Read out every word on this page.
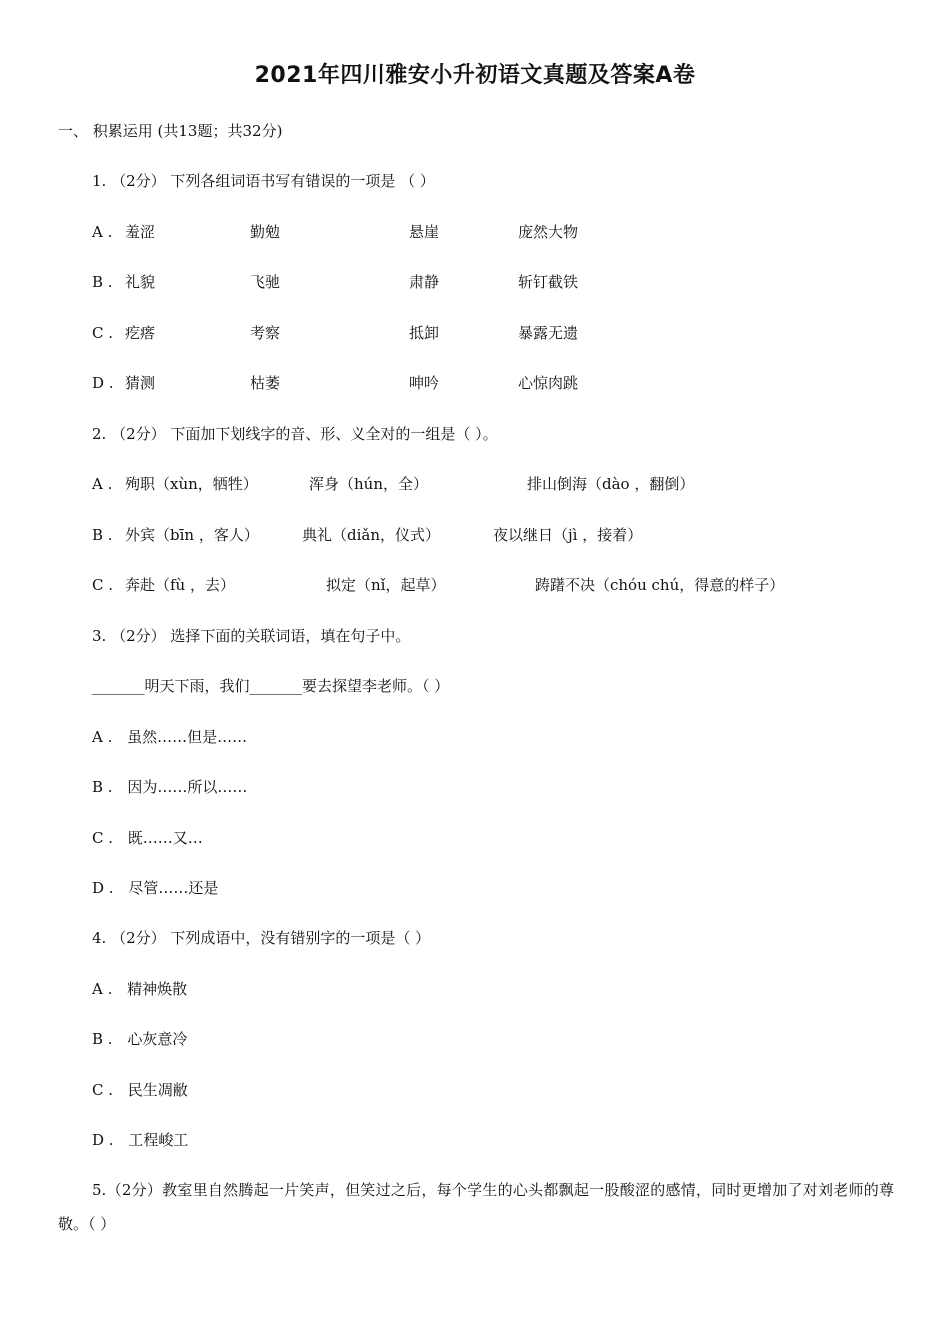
2021年四川雅安小升初语文真题及答案A卷
一、 积累运用 (共13题；共32分)
1. （2分） 下列各组词语书写有错误的一项是 （ ）
A . 羞涩	勤勉	悬崖	庞然大物
B . 礼貌	飞驰	肃静	斩钉截铁
C . 疙瘩	考察	抵卸	暴露无遗
D . 猜测	枯萎	呻吟	心惊肉跳
2. （2分） 下面加下划线字的音、形、义全对的一组是（ ）。
A . 殉职（xùn，牺牲）	浑身（hún，全）	排山倒海（dào ，翻倒）
B . 外宾（bīn ，客人）	典礼（diǎn，仪式）	夜以继日（jì ，接着）
C . 奔赴（fù ，去）	拟定（nǐ，起草）	踌躇不决（chóu chú，得意的样子）
3. （2分） 选择下面的关联词语，填在句子中。
_______明天下雨，我们_______要去探望李老师。（ ）
A . 虽然……但是……
B . 因为……所以……
C . 既……又…
D . 尽管……还是
4. （2分） 下列成语中，没有错别字的一项是（ ）
A . 精神焕散
B . 心灰意冷
C . 民生凋敝
D . 工程峻工
5.（2分）教室里自然腾起一片笑声，但笑过之后，每个学生的心头都飘起一股酸涩的感情，同时更增加了对刘老师的尊敬。（ ）
